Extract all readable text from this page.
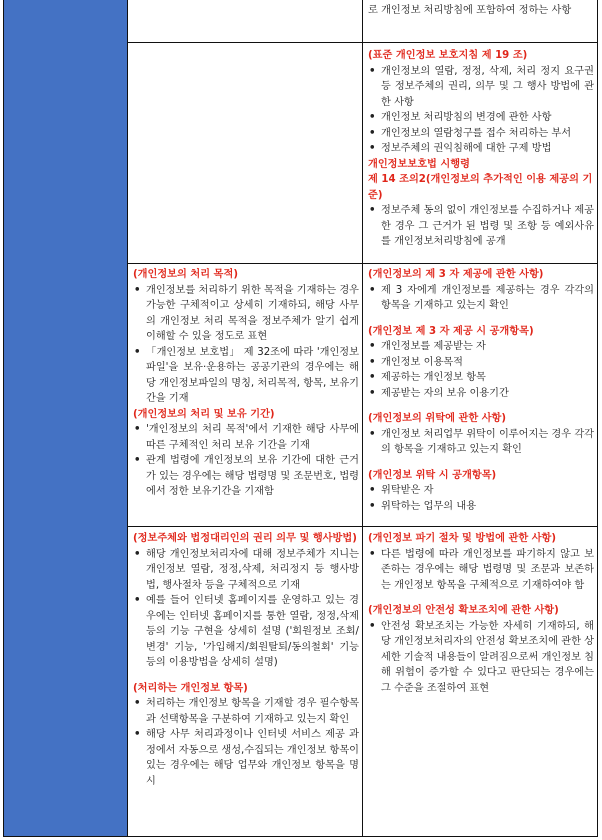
로 개인정보 처리방침에 포함하여 정하는 사항

(표준 개인정보 보호지침 제 19 조)
• 개인정보의 열람, 정정, 삭제, 처리 정지 요구권 등 정보주체의 권리, 의무 및 그 행사 방법에 관한 사항
• 개인정보 처리방침의 변경에 관한 사항
• 개인정보의 열람청구를 접수 처리하는 부서
• 정보주체의 권익침해에 대한 구제 방법
개인정보보호법 시행령
제 14 조의2(개인정보의 추가적인 이용 제공의 기준)
• 정보주체 동의 없이 개인정보를 수집하거나 제공한 경우 그 근거가 된 법령 및 조항 등 예외사유를 개인정보처리방침에 공개
(개인정보의 처리 목적)
• 개인정보를 처리하기 위한 목적을 기재하는 경우 가능한 구체적이고 상세히 기재하되, 해당 사무의 개인정보 처리 목적을 정보주체가 알기 쉽게 이해할 수 있을 정도로 표현
• 「개인정보 보호법」 제 32조에 따라 '개인정보파일'을 보유·운용하는 공공기관의 경우에는 해당 개인정보파일의 명칭, 처리목적, 항목, 보유기간을 기재
(개인정보의 처리 및 보유 기간)
• '개인정보의 처리 목적'에서 기재한 해당 사무에 따른 구체적인 처리 보유 기간을 기재
• 관계 법령에 개인정보의 보유 기간에 대한 근거가 있는 경우에는 해당 법령명 및 조문번호, 법령에서 정한 보유기간을 기재함
(개인정보의 제 3 자 제공에 관한 사항)
• 제 3 자에게 개인정보를 제공하는 경우 각각의 항목을 기재하고 있는지 확인
(개인정보 제 3 자 제공 시 공개항목)
• 개인정보를 제공받는 자
• 개인정보 이용목적
• 제공하는 개인정보 항목
• 제공받는 자의 보유 이용기간
(개인정보의 위탁에 관한 사항)
• 개인정보 처리업무 위탁이 이루어지는 경우 각각의 항목을 기재하고 있는지 확인
(개인정보 위탁 시 공개항목)
• 위탁받은 자
• 위탁하는 업무의 내용
(정보주체와 법정대리인의 권리 의무 및 행사방법)
• 해당 개인정보처리자에 대해 정보주체가 지니는 개인정보 열람, 정정,삭제, 처리정지 등 행사방법, 행사절차 등을 구체적으로 기재
• 예를 들어 인터넷 홈페이지를 운영하고 있는 경우에는 인터넷 홈페이지를 통한 열람, 정정,삭제 등의 기능 구현을 상세히 설명 ('회원정보 조회/변경' 기능, '가입해지/회원탈퇴/동의철회' 기능 등의 이용방법을 상세히 설명)
(처리하는 개인정보 항목)
• 처리하는 개인정보 항목을 기재할 경우 필수항목과 선택항목을 구분하여 기재하고 있는지 확인
• 해당 사무 처리과정이나 인터넷 서비스 제공 과정에서 자동으로 생성,수집되는 개인정보 항목이 있는 경우에는 해당 업무와 개인정보 항목을 명시
(개인정보 파기 절차 및 방법에 관한 사항)
• 다른 법령에 따라 개인정보를 파기하지 않고 보존하는 경우에는 해당 법령명 및 조문과 보존하는 개인정보 항목을 구체적으로 기재하여야 함
(개인정보의 안전성 확보조치에 관한 사항)
• 안전성 확보조치는 가능한 자세히 기재하되, 해당 개인정보처리자의 안전성 확보조치에 관한 상세한 기술적 내용들이 알려짐으로써 개인정보 침해 위험이 증가할 수 있다고 판단되는 경우에는 그 수준을 조절하여 표현
